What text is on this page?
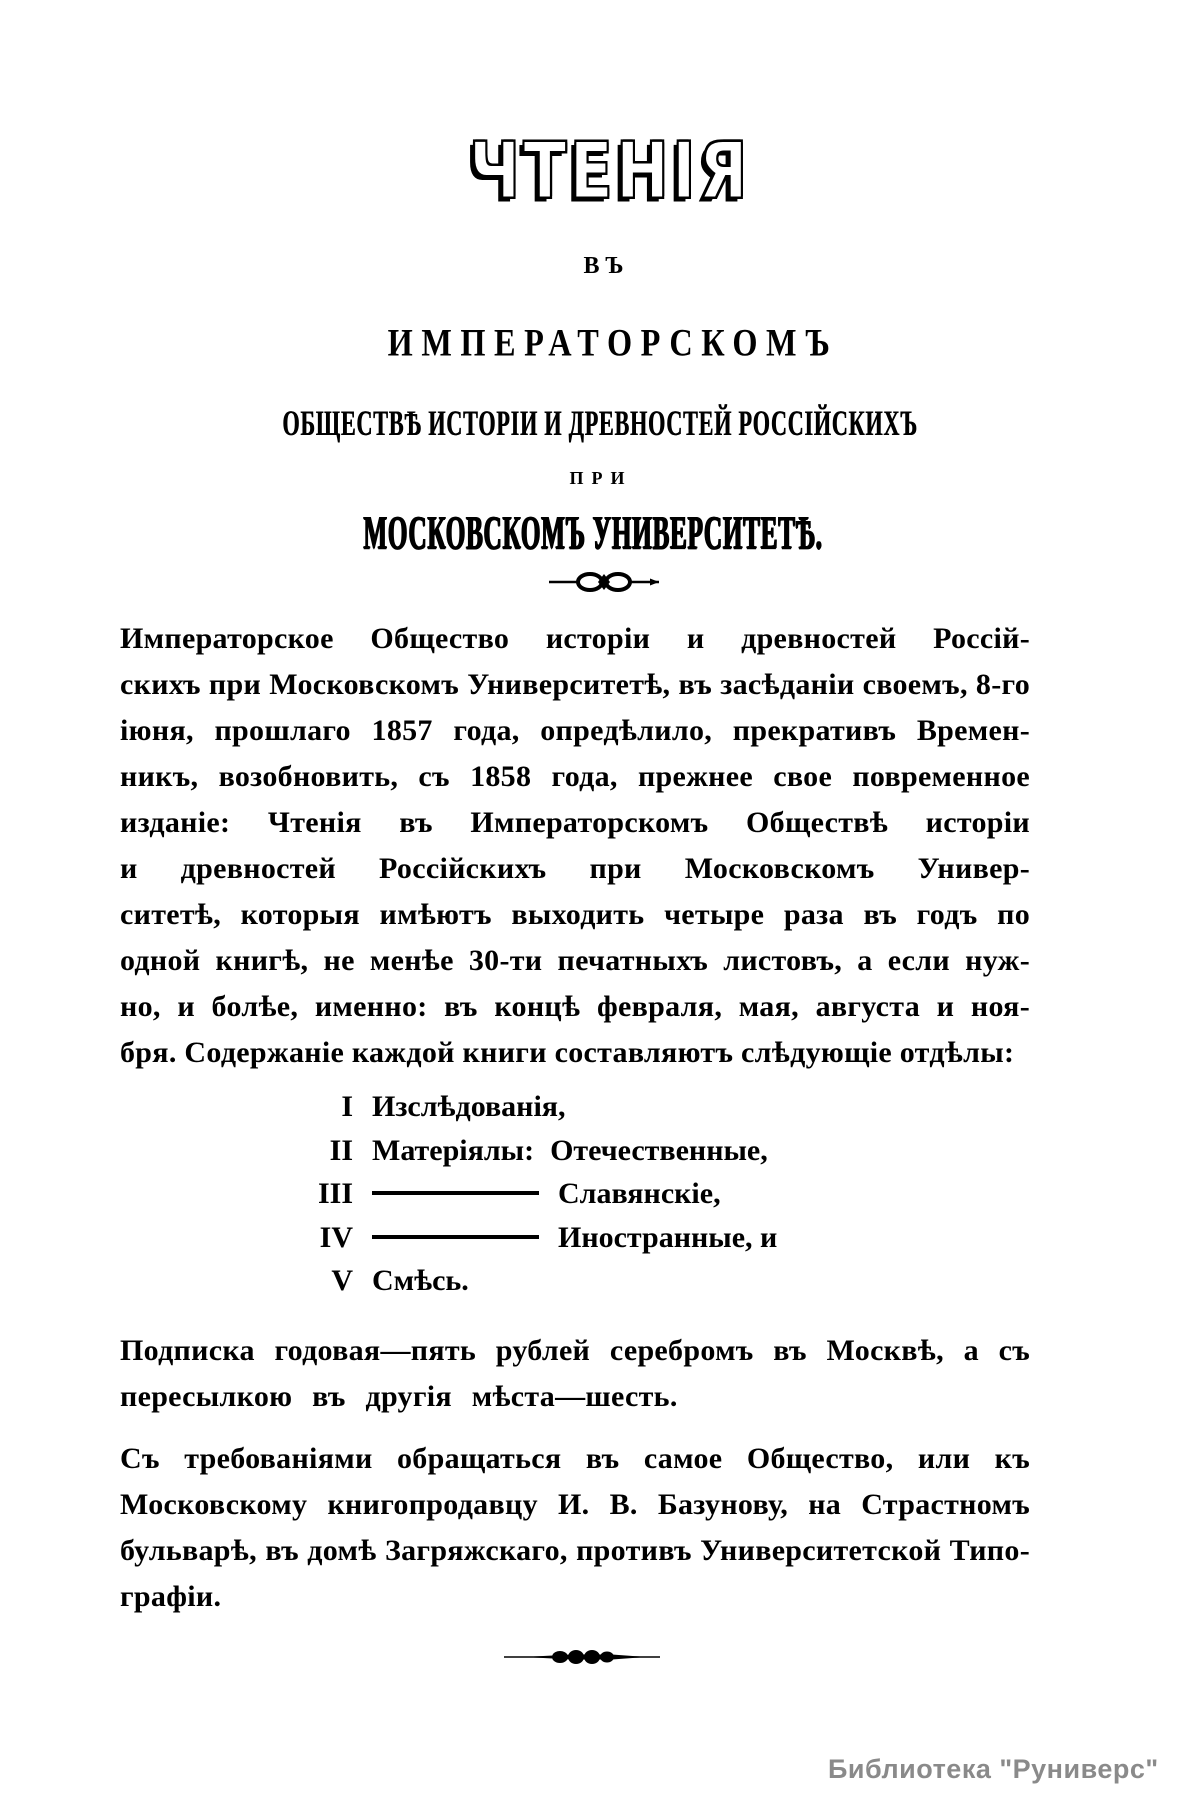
ЧТЕНІЯ
ВЪ
ИМПЕРАТОРСКОМЪ
ОБЩЕСТВѢ ИСТОРІИ И ДРЕВНОСТЕЙ РОССІЙСКИХЪ
ПРИ
МОСКОВСКОМЪ УНИВЕРСИТЕТѢ.
Императорское Общество исторіи и древностей Россій-
скихъ при Московскомъ Университетѣ, въ засѣданіи своемъ, 8-го
іюня, прошлаго 1857 года, опредѣлило, прекративъ Времен-
никъ, возобновить, съ 1858 года, прежнее свое повременное
изданіе: Чтенія въ Императорскомъ Обществѣ исторіи
и древностей Россійскихъ при Московскомъ Универ-
ситетѣ, которыя имѣютъ выходить четыре раза въ годъ по
одной книгѣ, не менѣе 30-ти печатныхъ листовъ, а если нуж-
но, и болѣе, именно: въ концѣ февраля, мая, августа и ноя-
бря. Содержаніе каждой книги составляютъ слѣдующіе отдѣлы:
I Изслѣдованія,
II Матеріялы: Отечественные,
III	Славянскіе,
IV	Иностранные, и
V Смѣсь.
Подписка годовая—пять рублей серебромъ въ Москвѣ, а съ
пересылкою въ другія мѣста—шесть.
Съ требованіями обращаться въ самое Общество, или къ
Московскому книгопродавцу И. В. Базунову, на Страстномъ
бульварѣ, въ домѣ Загряжскаго, противъ Университетской Типо-
графіи.
Библиотека "Руниверс"
